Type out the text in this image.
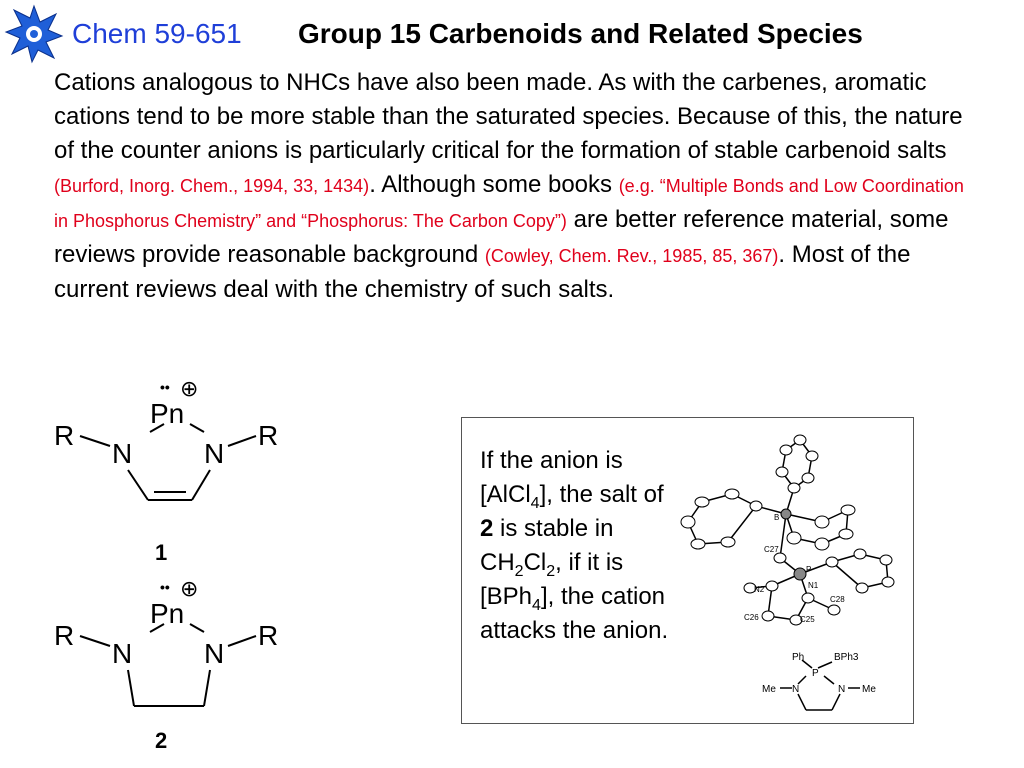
Chem 59-651 Group 15 Carbenoids and Related Species
Cations analogous to NHCs have also been made. As with the carbenes, aromatic cations tend to be more stable than the saturated species. Because of this, the nature of the counter anions is particularly critical for the formation of stable carbenoid salts (Burford, Inorg. Chem., 1994, 33, 1434). Although some books (e.g. “Multiple Bonds and Low Coordination in Phosphorus Chemistry” and “Phosphorus: The Carbon Copy”) are better reference material, some reviews provide reasonable background (Cowley, Chem. Rev., 1985, 85, 367). Most of the current reviews deal with the chemistry of such salts.
•• ⊕
Pn
N	N
R	R
1
•• ⊕
Pn
N	N
R	R
2
If the anion is [AlCl$_4$], the salt of 2 is stable in $CH_2Cl_2$, if it is [BPh$_4$], the cation attacks the anion.
B
C27
P
N1
N2
C26	C25
C28
Ph	BPh3
P
N	N
Me	Me
